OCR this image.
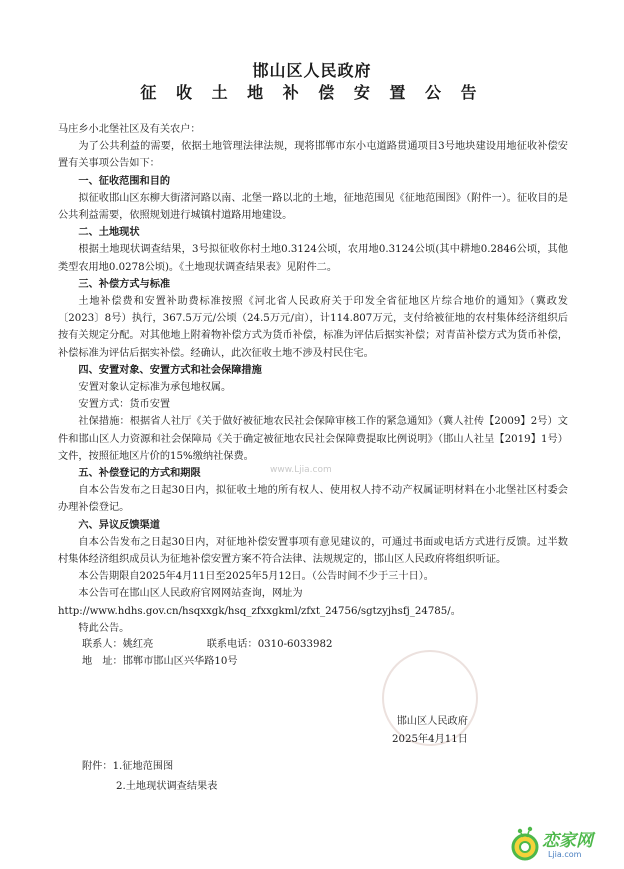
邯山区人民政府
征 收 土 地 补 偿 安 置 公 告

马庄乡小北堡社区及有关农户：

为了公共利益的需要，依据土地管理法律法规，现将邯郸市东小屯道路贯通项目3号地块建设用地征收补偿安置有关事项公告如下：

一、征收范围和目的

拟征收邯山区东柳大街渚河路以南、北堡一路以北的土地，征地范围见《征地范围图》（附件一）。征收目的是公共利益需要，依照规划进行城镇村道路用地建设。

二、土地现状

根据土地现状调查结果，3号拟征收你村土地0.3124公顷，农用地0.3124公顷(其中耕地0.2846公顷，其他类型农用地0.0278公顷)。《土地现状调查结果表》见附件二。

三、补偿方式与标准

土地补偿费和安置补助费标准按照《河北省人民政府关于印发全省征地区片综合地价的通知》（冀政发〔2023〕8号）执行，367.5万元/公顷（24.5万元/亩），计114.807万元，支付给被征地的农村集体经济组织后按有关规定分配。对其他地上附着物补偿方式为货币补偿，标准为评估后据实补偿；对青苗补偿方式为货币补偿，补偿标准为评估后据实补偿。经确认，此次征收土地不涉及村民住宅。

四、安置对象、安置方式和社会保障措施

安置对象认定标准为承包地权属。

安置方式：货币安置

社保措施：根据省人社厅《关于做好被征地农民社会保障审核工作的紧急通知》（冀人社传【2009】2号）文件和邯山区人力资源和社会保障局《关于确定被征地农民社会保障费提取比例说明》（邯山人社呈【2019】1号）文件，按照征地区片价的15%缴纳社保费。

五、补偿登记的方式和期限

自本公告发布之日起30日内，拟征收土地的所有权人、使用权人持不动产权属证明材料在小北堡社区村委会办理补偿登记。

六、异议反馈渠道

自本公告发布之日起30日内，对征地补偿安置事项有意见建议的，可通过书面或电话方式进行反馈。过半数村集体经济组织成员认为征地补偿安置方案不符合法律、法规规定的，邯山区人民政府将组织听证。

本公告期限自2025年4月11日至2025年5月12日。（公告时间不少于三十日）。

本公告可在邯山区人民政府官网网站查询，网址为

http://www.hdhs.gov.cn/hsqxxgk/hsq_zfxxgkml/zfxt_24756/sgtzyjhsfj_24785/。

特此公告。

www.Ljia.com
联系人：姚红亮	联系电话：0310-6033982
地　址：邯郸市邯山区兴华路10号
邯山区人民政府
2025年4月11日
附件：1.征地范围图
2.土地现状调查结果表
恋家网
Ljia.com
